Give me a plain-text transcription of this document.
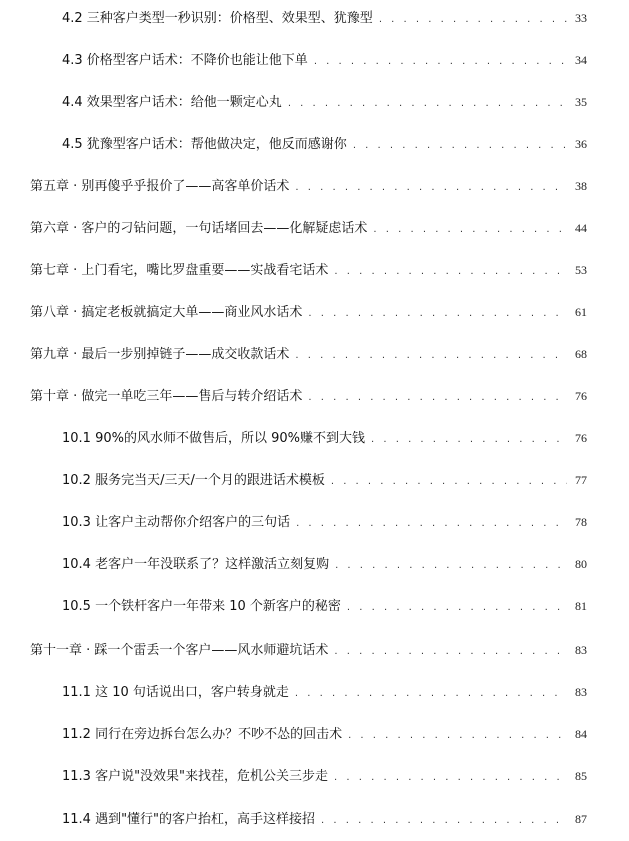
4.2 三种客户类型一秒识别：价格型、效果型、犹豫型 . . .	33
4.3 价格型客户话术：不降价也能让他下单 . . .	34
4.4 效果型客户话术：给他一颗定心丸 . . .	35
4.5 犹豫型客户话术：帮他做决定，他反而感谢你 . . .	36
第五章 · 别再傻乎乎报价了——高客单价话术 . . .	38
第六章 · 客户的刁钻问题，一句话堵回去——化解疑虑话术 . . .	44
第七章 · 上门看宅，嘴比罗盘重要——实战看宅话术 . . .	53
第八章 · 搞定老板就搞定大单——商业风水话术 . . .	61
第九章 · 最后一步别掉链子——成交收款话术 . . .	68
第十章 · 做完一单吃三年——售后与转介绍话术 . . .	76
10.1 90%的风水师不做售后，所以 90%赚不到大钱 . . .	76
10.2 服务完当天/三天/一个月的跟进话术模板 . . .	77
10.3 让客户主动帮你介绍客户的三句话 . . .	78
10.4 老客户一年没联系了？这样激活立刻复购 . . .	80
10.5 一个铁杆客户一年带来 10 个新客户的秘密 . . .	81
第十一章 · 踩一个雷丢一个客户——风水师避坑话术 . . .	83
11.1 这 10 句话说出口，客户转身就走 . . .	83
11.2 同行在旁边拆台怎么办？不吵不怂的回击术 . . .	84
11.3 客户说"没效果"来找茬，危机公关三步走 . . .	85
11.4 遇到"懂行"的客户抬杠，高手这样接招 . . .	87
